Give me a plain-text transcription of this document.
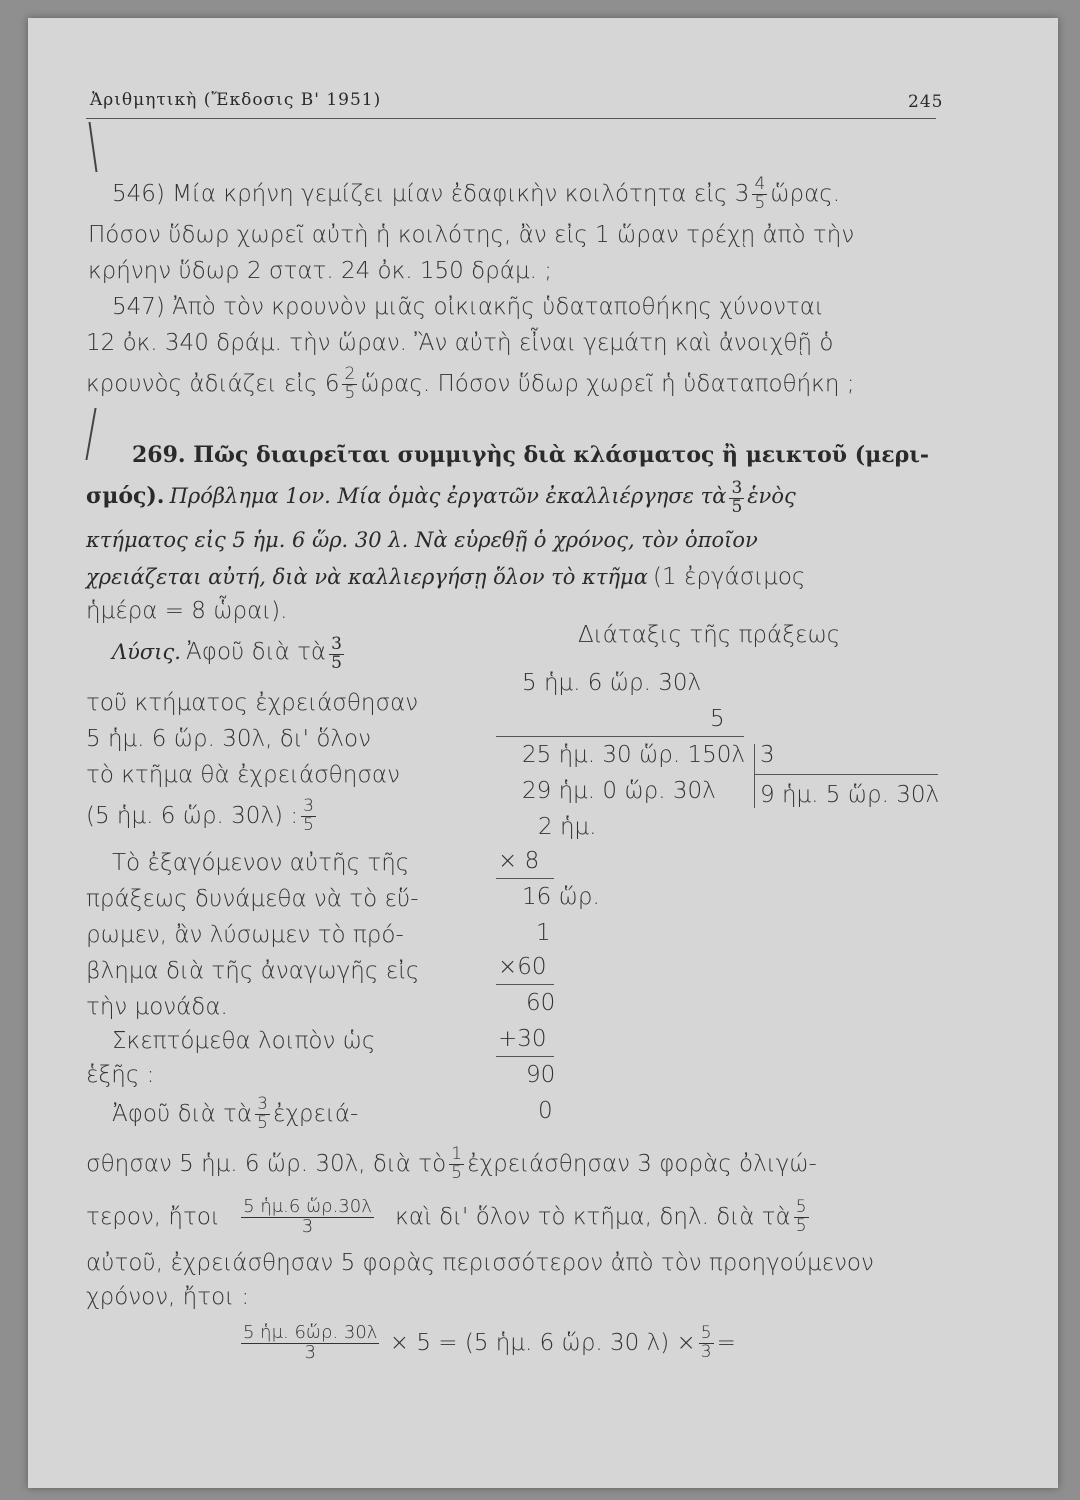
Ἀριθμητικὴ (Ἔκδοσις Β' 1951)	245
546) Μία κρήνη γεμίζει μίαν ἐδαφικὴν κοιλότητα εἰς $3 \frac{4}{5}$ ὥρας.
Πόσον ὕδωρ χωρεῖ αὐτὴ ἡ κοιλότης, ἂν εἰς 1 ὥραν τρέχῃ ἀπὸ τὴν
κρήνην ὕδωρ 2 στατ. 24 ὀκ. 150 δράμ. ;
547) Ἀπὸ τὸν κρουνὸν μιᾶς οἰκιακῆς ὑδαταποθήκης χύνονται
12 ὀκ. 340 δράμ. τὴν ὥραν. Ἂν αὐτὴ εἶναι γεμάτη καὶ ἀνοιχθῇ ὁ
κρουνὸς ἀδιάζει εἰς $6 \frac{2}{5}$ ὥρας. Πόσον ὕδωρ χωρεῖ ἡ ὑδαταποθήκη ;
269. Πῶς διαιρεῖται συμμιγὴς διὰ κλάσματος ἢ μεικτοῦ (μερι-
σμός). Πρόβλημα 1ον. Μία ὁμὰς ἐργατῶν ἐκαλλιέργησε τὰ $\frac{3}{5}$ ἑνὸς
κτήματος εἰς 5 ἡμ. 6 ὥρ. 30 λ. Νὰ εὑρεθῇ ὁ χρόνος, τὸν ὁποῖον
χρειάζεται αὐτή, διὰ νὰ καλλιεργήσῃ ὅλον τὸ κτῆμα (1 ἐργάσιμος
ἡμέρα = 8 ὧραι).
Λύσις. Ἀφοῦ διὰ τὰ $\frac{3}{5}$
τοῦ κτήματος ἐχρειάσθησαν
5 ἡμ. 6 ὥρ. 30λ, δι' ὅλον
τὸ κτῆμα θὰ ἐχρειάσθησαν
(5 ἡμ. 6 ὥρ. 30λ) : $\frac{3}{5}$
Τὸ ἐξαγόμενον αὐτῆς τῆς
πράξεως δυνάμεθα νὰ τὸ εὕ-
ρωμεν, ἂν λύσωμεν τὸ πρό-
βλημα διὰ τῆς ἀναγωγῆς εἰς
τὴν μονάδα.
Σκεπτόμεθα λοιπὸν ὡς
ἑξῆς :
Ἀφοῦ διὰ τὰ $\frac{3}{5}$ ἐχρειά-
Διάταξις τῆς πράξεως
5 ἡμ. 6 ὥρ. 30λ
5
25 ἡμ. 30 ὥρ. 150λ 3
29 ἡμ. 0 ὥρ. 30λ 9 ἡμ. 5 ὥρ. 30λ
2 ἡμ.
× 8
16 ὥρ.
1
×60
60
+30
90
0
σθησαν 5 ἡμ. 6 ὥρ. 30λ, διὰ τὸ $\frac{1}{5}$ ἐχρειάσθησαν 3 φορὰς ὀλιγώ-
τερον, ἤτοι $\frac{\text{5 ἡμ.6 ὥρ.30λ}}{3}$ καὶ δι' ὅλον τὸ κτῆμα, δηλ. διὰ τὰ $\frac{5}{5}$
αὐτοῦ, ἐχρειάσθησαν 5 φορὰς περισσότερον ἀπὸ τὸν προηγούμενον
χρόνον, ἤτοι :
$\frac{\text{5 ἡμ. 6ὥρ. 30λ}}{3} \times 5 = (5$ ἡμ. 6 ὥρ. 30 $\lambda) \times \frac{5}{3}$ =
